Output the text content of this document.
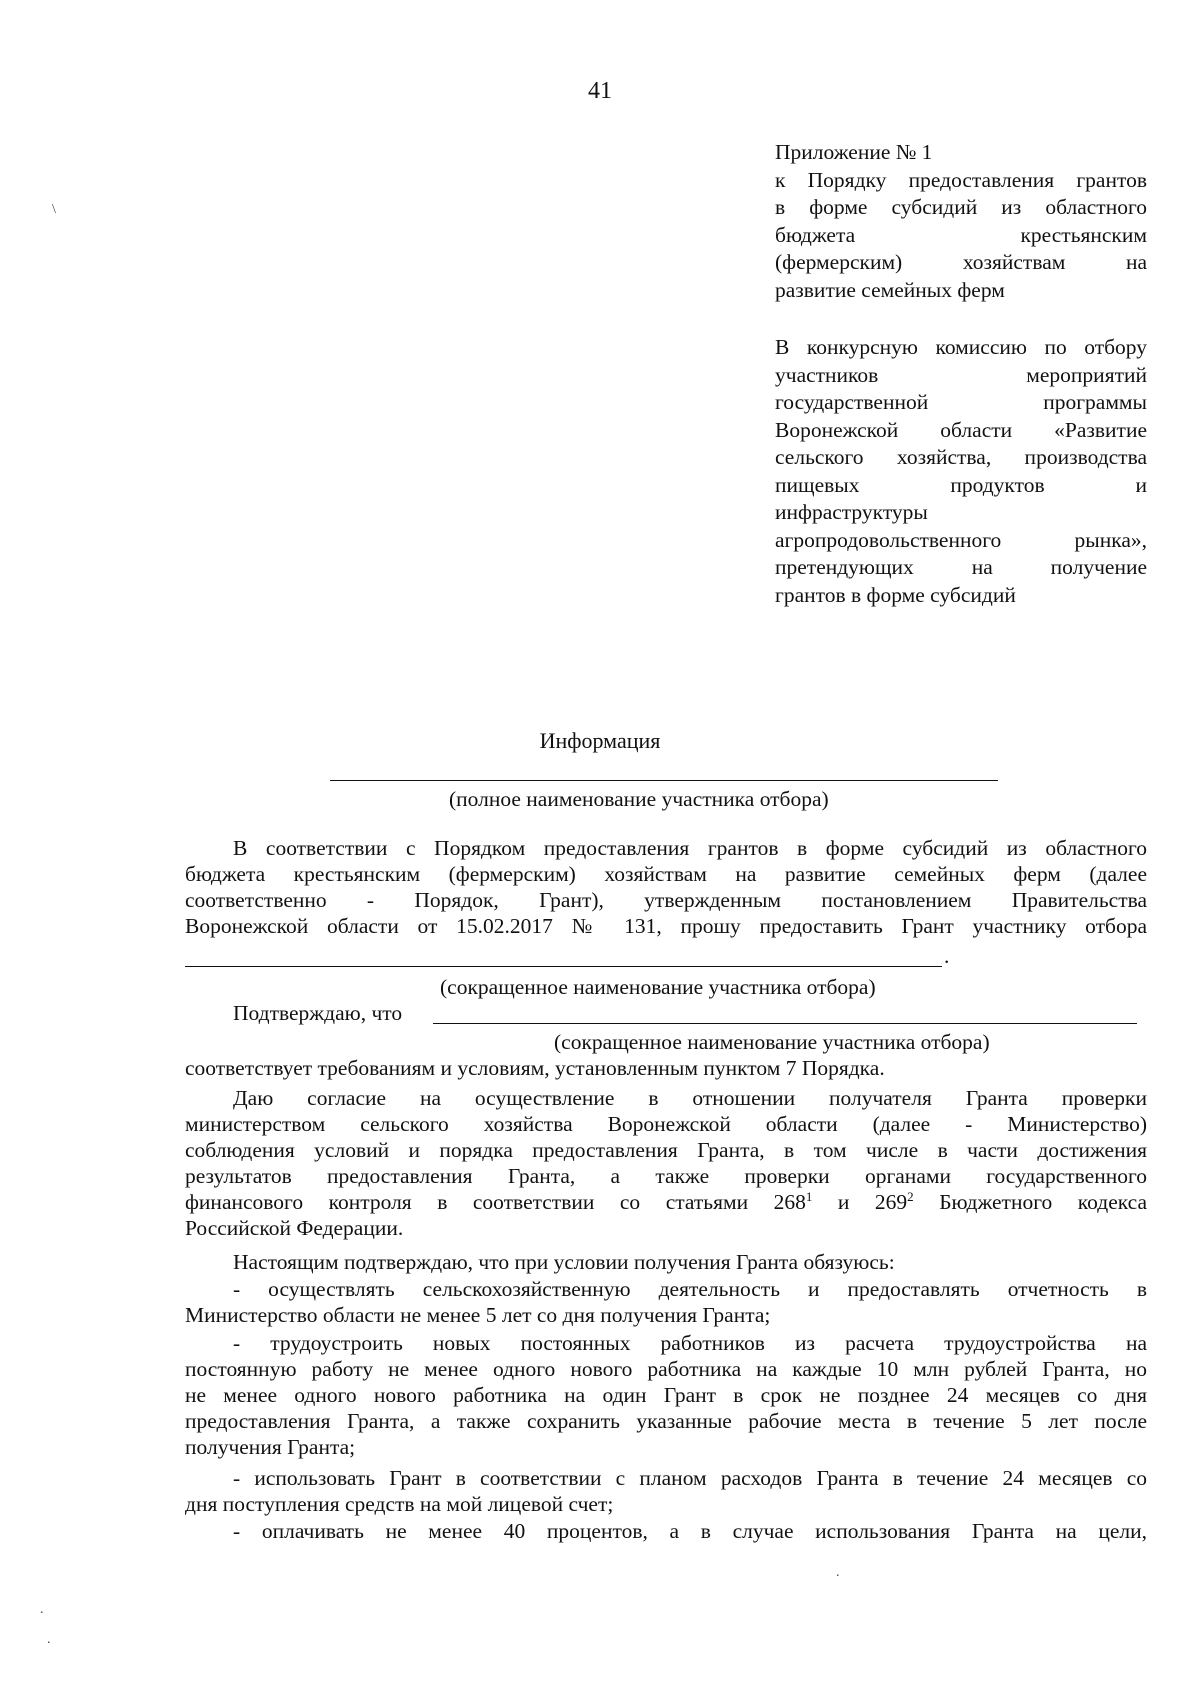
41
Приложение № 1
к Порядку предоставления грантов
в форме субсидий из областного
бюджета крестьянским
(фермерским) хозяйствам на
развитие семейных ферм
В конкурсную комиссию по отбору
участников мероприятий
государственной программы
Воронежской области «Развитие
сельского хозяйства, производства
пищевых продуктов и
инфраструктуры
агропродовольственного рынка»,
претендующих на получение
грантов в форме субсидий
Информация
(полное наименование участника отбора)
В соответствии с Порядком предоставления грантов в форме субсидий из областного
бюджета крестьянским (фермерским) хозяйствам на развитие семейных ферм (далее
соответственно - Порядок, Грант), утвержденным постановлением Правительства
Воронежской области от 15.02.2017 № 131, прошу предоставить Грант участнику отбора
.
(сокращенное наименование участника отбора)
Подтверждаю, что
(сокращенное наименование участника отбора)
соответствует требованиям и условиям, установленным пунктом 7 Порядка.
Даю согласие на осуществление в отношении получателя Гранта проверки
министерством сельского хозяйства Воронежской области (далее - Министерство)
соблюдения условий и порядка предоставления Гранта, в том числе в части достижения
результатов предоставления Гранта, а также проверки органами государственного
финансового контроля в соответствии со статьями $268^1$ и $269^2$ Бюджетного кодекса
Российской Федерации.
Настоящим подтверждаю, что при условии получения Гранта обязуюсь:
- осуществлять сельскохозяйственную деятельность и предоставлять отчетность в
Министерство области не менее 5 лет со дня получения Гранта;
- трудоустроить новых постоянных работников из расчета трудоустройства на
постоянную работу не менее одного нового работника на каждые 10 млн рублей Гранта, но
не менее одного нового работника на один Грант в срок не позднее 24 месяцев со дня
предоставления Гранта, а также сохранить указанные рабочие места в течение 5 лет после
получения Гранта;
- использовать Грант в соответствии с планом расходов Гранта в течение 24 месяцев со
дня поступления средств на мой лицевой счет;
- оплачивать не менее 40 процентов, а в случае использования Гранта на цели,
\
.
.
.
